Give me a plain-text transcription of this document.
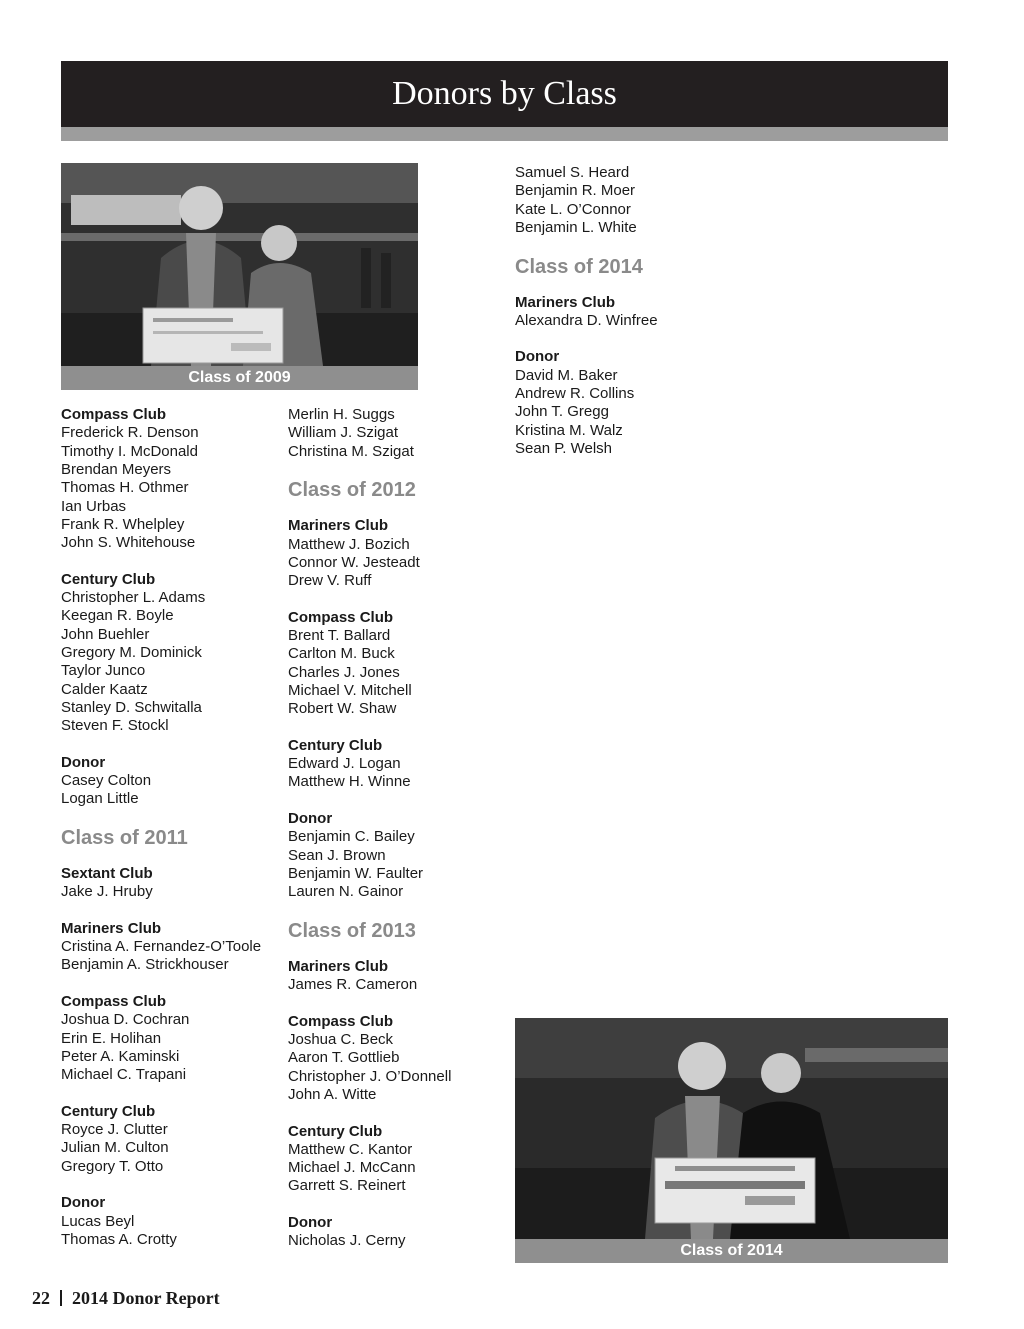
Donors by Class
Class of 2009
Class of 2014
Compass Club
Frederick R. Denson
Timothy I. McDonald
Brendan Meyers
Thomas H. Othmer
Ian Urbas
Frank R. Whelpley
John S. Whitehouse
Century Club
Christopher L. Adams
Keegan R. Boyle
John Buehler
Gregory M. Dominick
Taylor Junco
Calder Kaatz
Stanley D. Schwitalla
Steven F. Stockl
Donor
Casey Colton
Logan Little
Class of 2011
Sextant Club
Jake J. Hruby
Mariners Club
Cristina A. Fernandez-O’Toole
Benjamin A. Strickhouser
Compass Club
Joshua D. Cochran
Erin E. Holihan
Peter A. Kaminski
Michael C. Trapani
Century Club
Royce J. Clutter
Julian M. Culton
Gregory T. Otto
Donor
Lucas Beyl
Thomas A. Crotty
Merlin H. Suggs
William J. Szigat
Christina M. Szigat
Class of 2012
Mariners Club
Matthew J. Bozich
Connor W. Jesteadt
Drew V. Ruff
Compass Club
Brent T. Ballard
Carlton M. Buck
Charles J. Jones
Michael V. Mitchell
Robert W. Shaw
Century Club
Edward J. Logan
Matthew H. Winne
Donor
Benjamin C. Bailey
Sean J. Brown
Benjamin W. Faulter
Lauren N. Gainor
Class of 2013
Mariners Club
James R. Cameron
Compass Club
Joshua C. Beck
Aaron T. Gottlieb
Christopher J. O’Donnell
John A. Witte
Century Club
Matthew C. Kantor
Michael J. McCann
Garrett S. Reinert
Donor
Nicholas J. Cerny
Samuel S. Heard
Benjamin R. Moer
Kate L. O’Connor
Benjamin L. White
Class of 2014
Mariners Club
Alexandra D. Winfree
Donor
David M. Baker
Andrew R. Collins
John T. Gregg
Kristina M. Walz
Sean P. Welsh
22 2014 Donor Report
